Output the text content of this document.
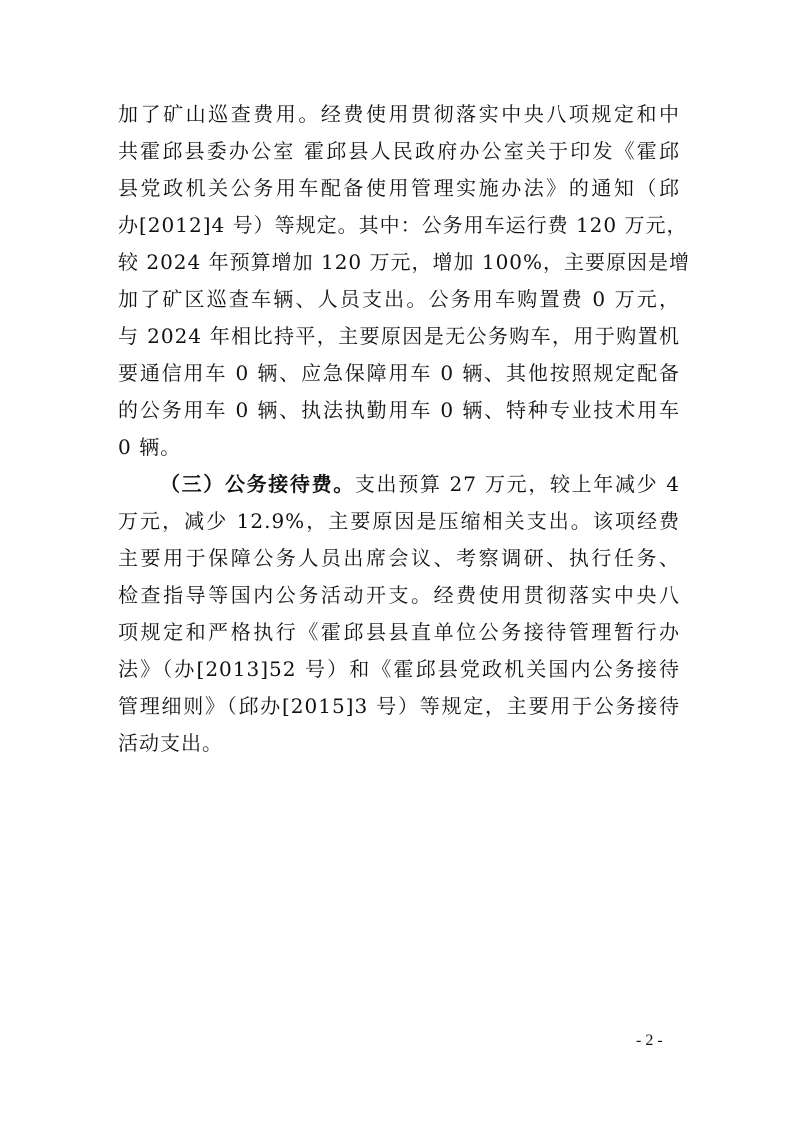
加了矿山巡查费用。经费使用贯彻落实中央八项规定和中
共霍邱县委办公室 霍邱县人民政府办公室关于印发《霍邱
县党政机关公务用车配备使用管理实施办法》的通知（邱
办[2012]4 号）等规定。其中：公务用车运行费 120 万元，
较 2024 年预算增加 120 万元，增加 100%，主要原因是增
加了矿区巡查车辆、人员支出。公务用车购置费 0 万元，
与 2024 年相比持平，主要原因是无公务购车，用于购置机
要通信用车 0 辆、应急保障用车 0 辆、其他按照规定配备
的公务用车 0 辆、执法执勤用车 0 辆、特种专业技术用车
0 辆。
（三）公务接待费。支出预算 27 万元，较上年减少 4
万元，减少 12.9%，主要原因是压缩相关支出。该项经费
主要用于保障公务人员出席会议、考察调研、执行任务、
检查指导等国内公务活动开支。经费使用贯彻落实中央八
项规定和严格执行《霍邱县县直单位公务接待管理暂行办
法》（办[2013]52 号）和《霍邱县党政机关国内公务接待
管理细则》（邱办[2015]3 号）等规定，主要用于公务接待
活动支出。
- 2 -
